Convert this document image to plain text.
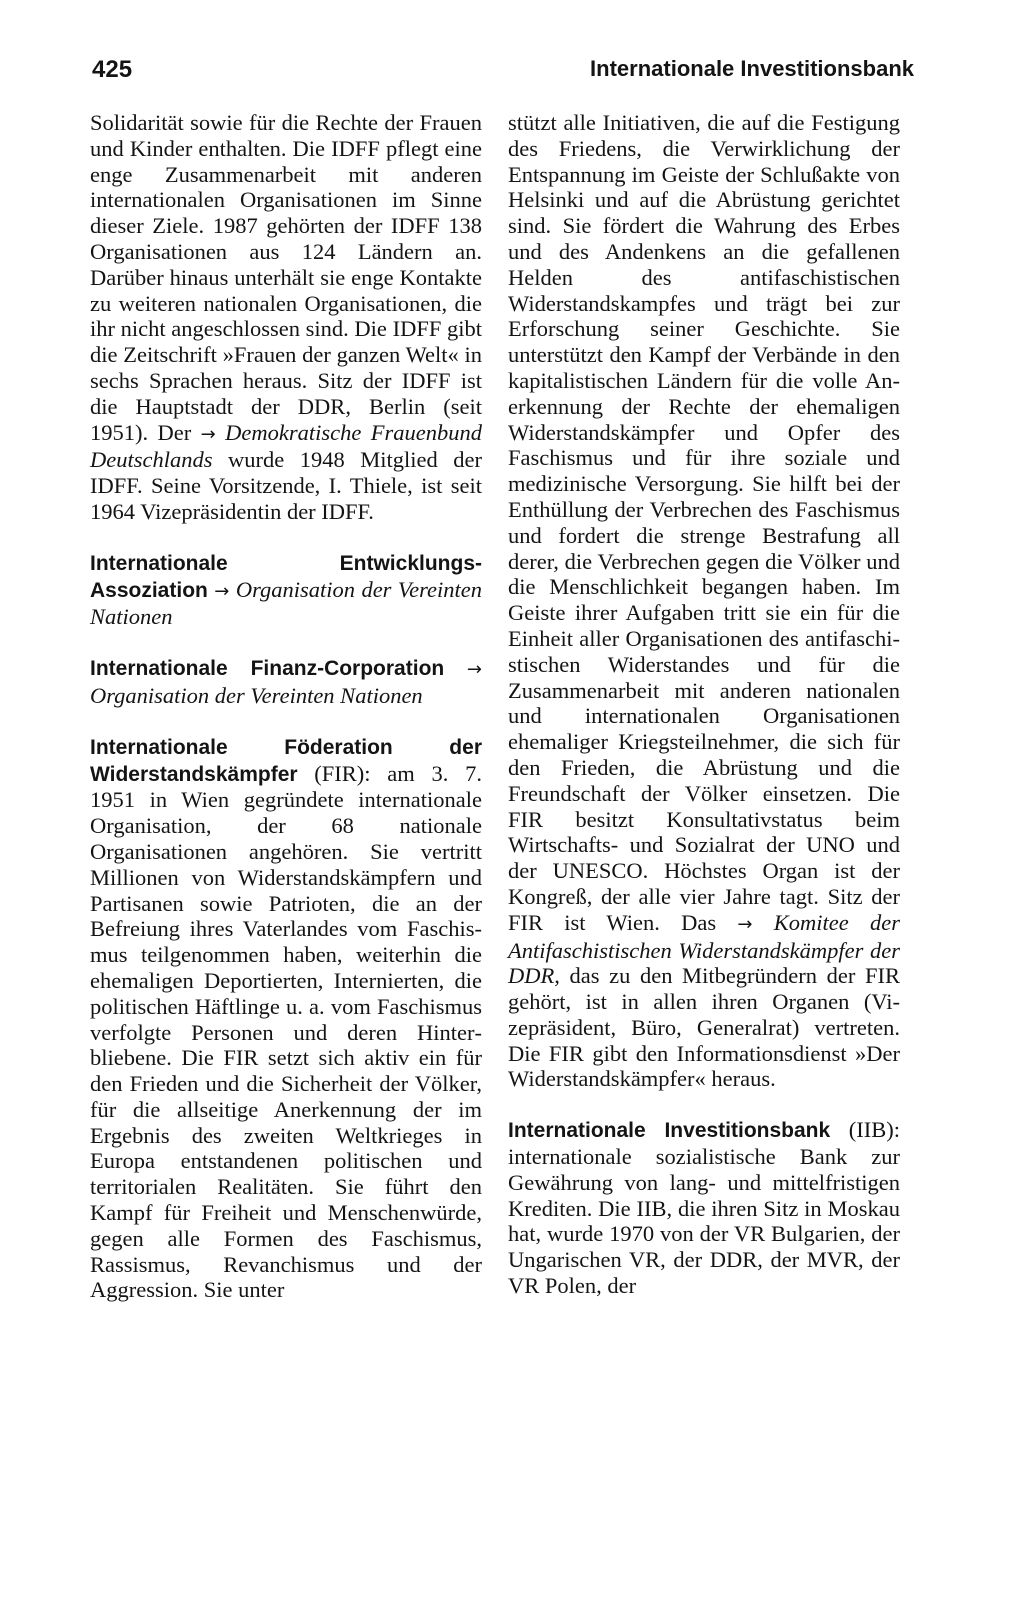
425	Internationale Investitionsbank

Solidarität sowie für die Rechte der Frauen und Kinder enthalten. Die IDFF pflegt eine enge Zusammenarbeit mit anderen internationalen Organisationen im Sinne dieser Ziele. 1987 gehörten der IDFF 138 Organisationen aus 124 Ländern an. Darüber hinaus unterhält sie enge Kontakte zu weiteren nationalen Organisationen, die ihr nicht angeschlossen sind. Die IDFF gibt die Zeitschrift »Frauen der ganzen Welt« in sechs Sprachen heraus. Sitz der IDFF ist die Hauptstadt der DDR, Berlin (seit 1951). Der → Demokratische Frauenbund Deutschlands wurde 1948 Mitglied der IDFF. Seine Vorsitzende, I. Thiele, ist seit 1964 Vizepräsidentin der IDFF.

Internationale Entwicklungs-Assoziation → Organisation der Vereinten Nationen

Internationale Finanz-Corporation → Organisation der Vereinten Nationen

Internationale Föderation der Widerstandskämpfer (FIR): am 3. 7. 1951 in Wien gegründete internationale Organisation, der 68 nationale Organisationen angehören. Sie vertritt Millionen von Widerstandskämpfern und Partisanen sowie Patrioten, die an der Befreiung ihres Vaterlandes vom Faschismus teilgenommen haben, weiterhin die ehemaligen Deportierten, Internierten, die politischen Häftlinge u. a. vom Faschismus verfolgte Personen und deren Hinterbliebene. Die FIR setzt sich aktiv ein für den Frieden und die Sicherheit der Völker, für die allseitige Anerkennung der im Ergebnis des zweiten Weltkrieges in Europa entstandenen politischen und territorialen Realitäten. Sie führt den Kampf für Freiheit und Menschenwürde, gegen alle Formen des Faschismus, Rassismus, Revanchismus und der Aggression. Sie unter

stützt alle Initiativen, die auf die Festigung des Friedens, die Verwirklichung der Entspannung im Geiste der Schlußakte von Helsinki und auf die Abrüstung gerichtet sind. Sie fördert die Wahrung des Erbes und des Andenkens an die gefallenen Helden des antifaschistischen Widerstandskampfes und trägt bei zur Erforschung seiner Geschichte. Sie unterstützt den Kampf der Verbände in den kapitalistischen Ländern für die volle Anerkennung der Rechte der ehemaligen Widerstandskämpfer und Opfer des Faschismus und für ihre soziale und medizinische Versorgung. Sie hilft bei der Enthüllung der Verbrechen des Faschismus und fordert die strenge Bestrafung all derer, die Verbrechen gegen die Völker und die Menschlichkeit begangen haben. Im Geiste ihrer Aufgaben tritt sie ein für die Einheit aller Organisationen des antifaschistischen Widerstandes und für die Zusammenarbeit mit anderen nationalen und internationalen Organisationen ehemaliger Kriegsteilnehmer, die sich für den Frieden, die Abrüstung und die Freundschaft der Völker einsetzen. Die FIR besitzt Konsultativstatus beim Wirtschafts- und Sozialrat der UNO und der UNESCO. Höchstes Organ ist der Kongreß, der alle vier Jahre tagt. Sitz der FIR ist Wien. Das → Komitee der Antifaschistischen Widerstandskämpfer der DDR, das zu den Mitbegründern der FIR gehört, ist in allen ihren Organen (Vizepräsident, Büro, Generalrat) vertreten. Die FIR gibt den Informationsdienst »Der Widerstandskämpfer« heraus.

Internationale Investitionsbank (IIB): internationale sozialistische Bank zur Gewährung von lang- und mittelfristigen Krediten. Die IIB, die ihren Sitz in Moskau hat, wurde 1970 von der VR Bulgarien, der Ungarischen VR, der DDR, der MVR, der VR Polen, der
